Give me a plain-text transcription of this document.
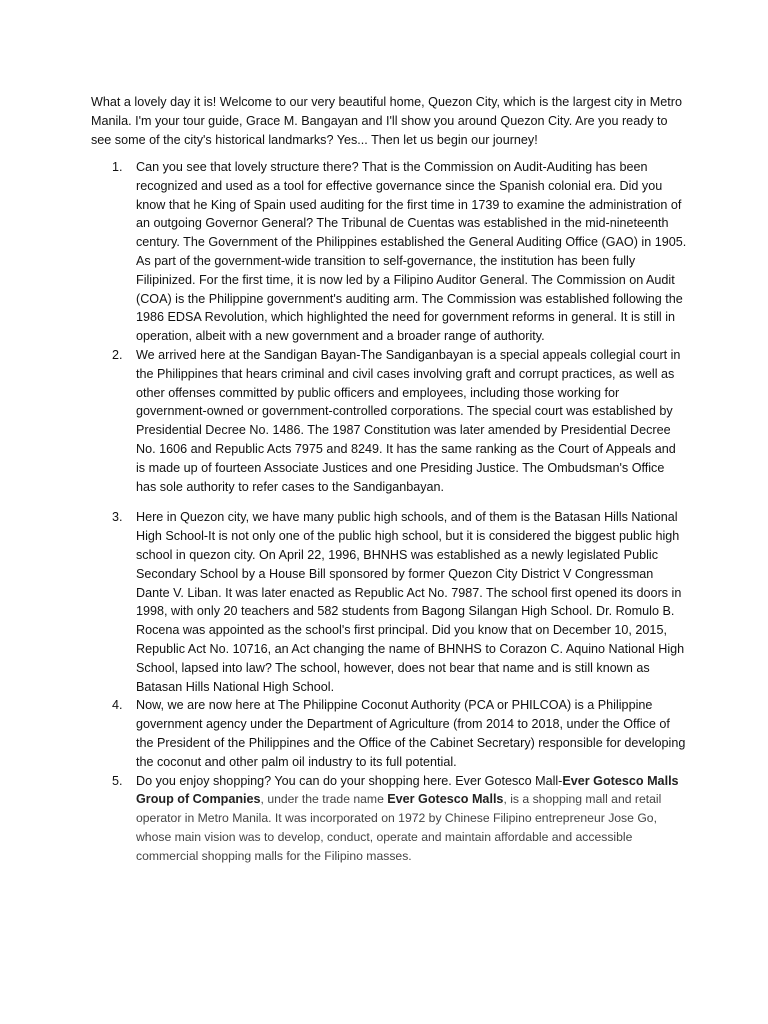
What a lovely day it is! Welcome to our very beautiful home, Quezon City, which is the largest city in Metro Manila. I'm your tour guide, Grace M. Bangayan and I'll show you around Quezon City. Are you ready to see some of the city's historical landmarks? Yes... Then let us begin our journey!

1. Can you see that lovely structure there? That is the Commission on Audit-Auditing has been recognized and used as a tool for effective governance since the Spanish colonial era. Did you know that he King of Spain used auditing for the first time in 1739 to examine the administration of an outgoing Governor General? The Tribunal de Cuentas was established in the mid-nineteenth century. The Government of the Philippines established the General Auditing Office (GAO) in 1905. As part of the government-wide transition to self-governance, the institution has been fully Filipinized. For the first time, it is now led by a Filipino Auditor General. The Commission on Audit (COA) is the Philippine government's auditing arm. The Commission was established following the 1986 EDSA Revolution, which highlighted the need for government reforms in general. It is still in operation, albeit with a new government and a broader range of authority.
2. We arrived here at the Sandigan Bayan-The Sandiganbayan is a special appeals collegial court in the Philippines that hears criminal and civil cases involving graft and corrupt practices, as well as other offenses committed by public officers and employees, including those working for government-owned or government-controlled corporations. The special court was established by Presidential Decree No. 1486. The 1987 Constitution was later amended by Presidential Decree No. 1606 and Republic Acts 7975 and 8249. It has the same ranking as the Court of Appeals and is made up of fourteen Associate Justices and one Presiding Justice. The Ombudsman's Office has sole authority to refer cases to the Sandiganbayan.
3. Here in Quezon city, we have many public high schools, and of them is the Batasan Hills National High School-It is not only one of the public high school, but it is considered the biggest public high school in quezon city. On April 22, 1996, BHNHS was established as a newly legislated Public Secondary School by a House Bill sponsored by former Quezon City District V Congressman Dante V. Liban. It was later enacted as Republic Act No. 7987. The school first opened its doors in 1998, with only 20 teachers and 582 students from Bagong Silangan High School. Dr. Romulo B. Rocena was appointed as the school's first principal. Did you know that on December 10, 2015, Republic Act No. 10716, an Act changing the name of BHNHS to Corazon C. Aquino National High School, lapsed into law? The school, however, does not bear that name and is still known as Batasan Hills National High School.
4. Now, we are now here at The Philippine Coconut Authority (PCA or PHILCOA) is a Philippine government agency under the Department of Agriculture (from 2014 to 2018, under the Office of the President of the Philippines and the Office of the Cabinet Secretary) responsible for developing the coconut and other palm oil industry to its full potential.
5. Do you enjoy shopping? You can do your shopping here. Ever Gotesco Mall-Ever Gotesco Malls Group of Companies, under the trade name Ever Gotesco Malls, is a shopping mall and retail operator in Metro Manila. It was incorporated on 1972 by Chinese Filipino entrepreneur Jose Go, whose main vision was to develop, conduct, operate and maintain affordable and accessible commercial shopping malls for the Filipino masses.
